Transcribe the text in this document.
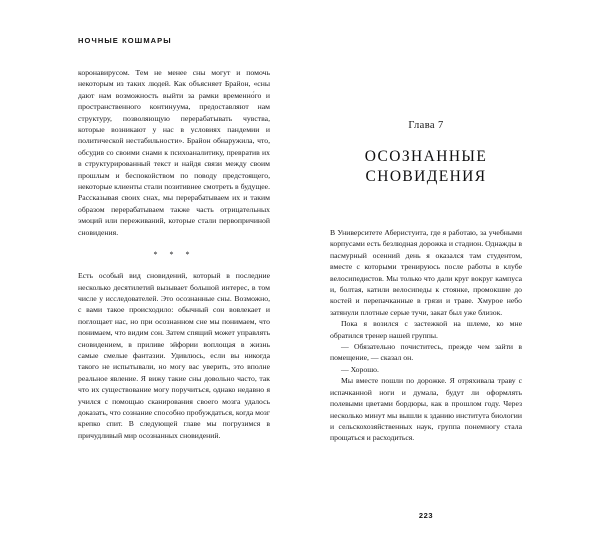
НОЧНЫЕ КОШМАРЫ

коронавирусом. Тем не менее сны могут и помочь некоторым из таких людей. Как объясняет Брайон, «сны дают нам возможность выйти за рамки временно́го и пространственного континуума, предоставляют нам структуру, позволяющую перерабатывать чувства, которые возникают у нас в условиях пандемии и политической нестабильности». Брайон обнаружила, что, обсудив со своими снами к психоаналитику, превратив их в структурированный текст и найдя связи между своим прошлым и беспокойством по поводу предстоящего, некоторые клиенты стали позитивнее смотреть в будущее. Рассказывая своих снах, мы перерабатываем их и таким образом перерабатываем также часть отрицательных эмоций или переживаний, которые стали первопричиной сновидения.

* * *

Есть особый вид сновидений, который в последние несколько десятилетий вызывает большой интерес, в том числе у исследователей. Это осознанные сны. Возможно, с вами такое происходило: обычный сон вовлекает и поглощает нас, но при осознанном сне мы понимаем, что понимаем, что видим сон. Затем спящий может управлять сновидением, в приливе эйфории воплощая в жизнь самые смелые фантазии. Удивлюсь, если вы никогда такого не испытывали, но могу вас уверить, это вполне реальное явление. Я вижу такие сны довольно часто, так что их существование могу поручиться, однако недавно я учился с помощью сканирования своего мозга удалось доказать, что сознание способно пробуждаться, когда мозг крепко спит. В следующей главе мы погрузимся в причудливый мир осознанных сновидений.

Глава 7
ОСОЗНАННЫЕ СНОВИДЕНИЯ

В Университете Аберистуита, где я работаю, за учебными корпусами есть безлюдная дорожка и стадион. Однажды в пасмурный осенний день я оказался там студентом, вместе с которыми тренируюсь после работы в клубе велосипедистов. Мы только что дали круг вокруг кампуса и, болтая, катили велосипеды к стоянке, промокшие до костей и перепачканные в грязи и траве. Хмурое небо затянули плотные серые тучи, закат был уже близок.

Пока я возился с застежкой на шлеме, ко мне обратился тренер нашей группы.

— Обязательно почиститесь, прежде чем зайти в помещение, — сказал он.

— Хорошо.

Мы вместе пошли по дорожке. Я отряхивала траву с испачканной ноги и думала, будут ли оформлять полевыми цветами бордюры, как в прошлом году. Через несколько минут мы вышли к зданию института биологии и сельскохозяйственных наук, группа понемногу стала прощаться и расходиться.

223
